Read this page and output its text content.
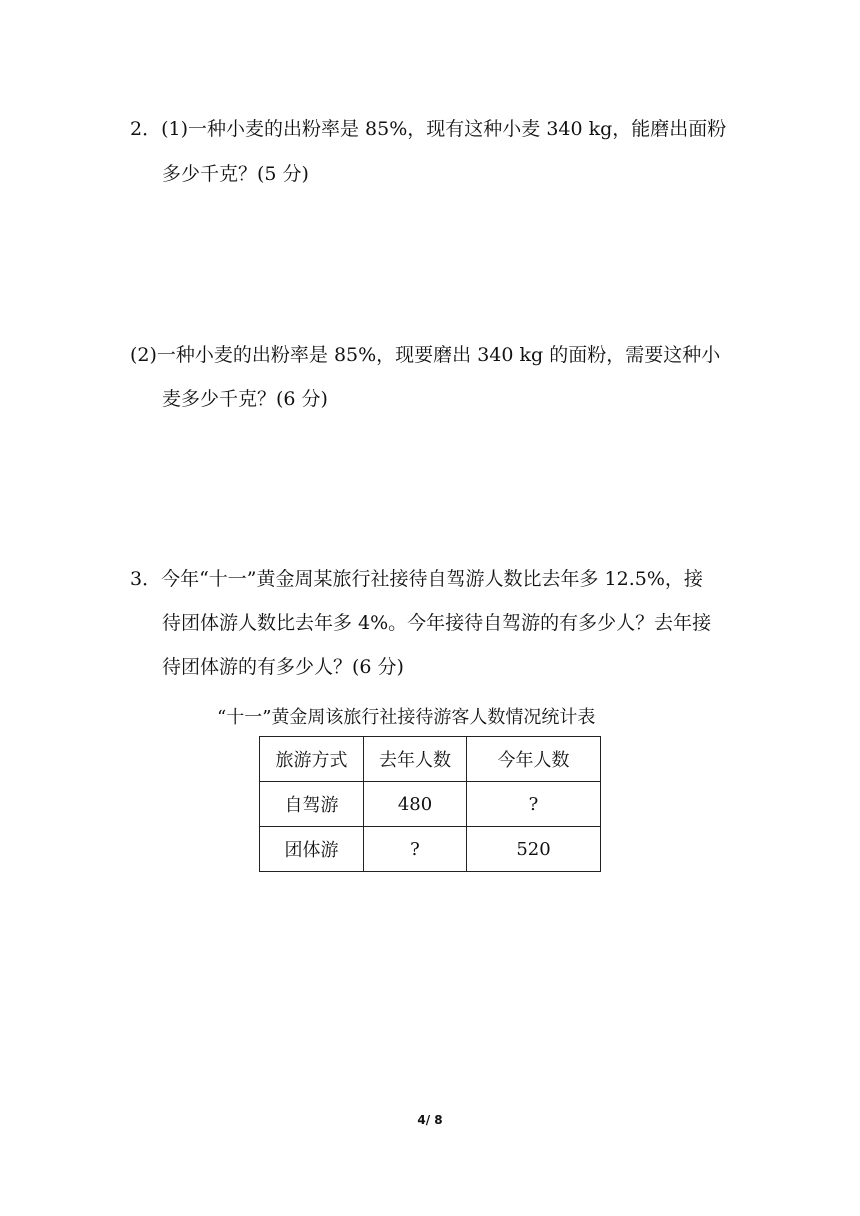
2．(1)一种小麦的出粉率是 85%，现有这种小麦 340 kg，能磨出面粉
多少千克？(5 分)
(2)一种小麦的出粉率是 85%，现要磨出 340 kg 的面粉，需要这种小
麦多少千克？(6 分)
3．今年“十一”黄金周某旅行社接待自驾游人数比去年多 12.5%，接
待团体游人数比去年多 4%。今年接待自驾游的有多少人？去年接
待团体游的有多少人？(6 分)
“十一”黄金周该旅行社接待游客人数情况统计表
旅游方式	去年人数	今年人数
自驾游	480	?
团体游	?	520
4/ 8
